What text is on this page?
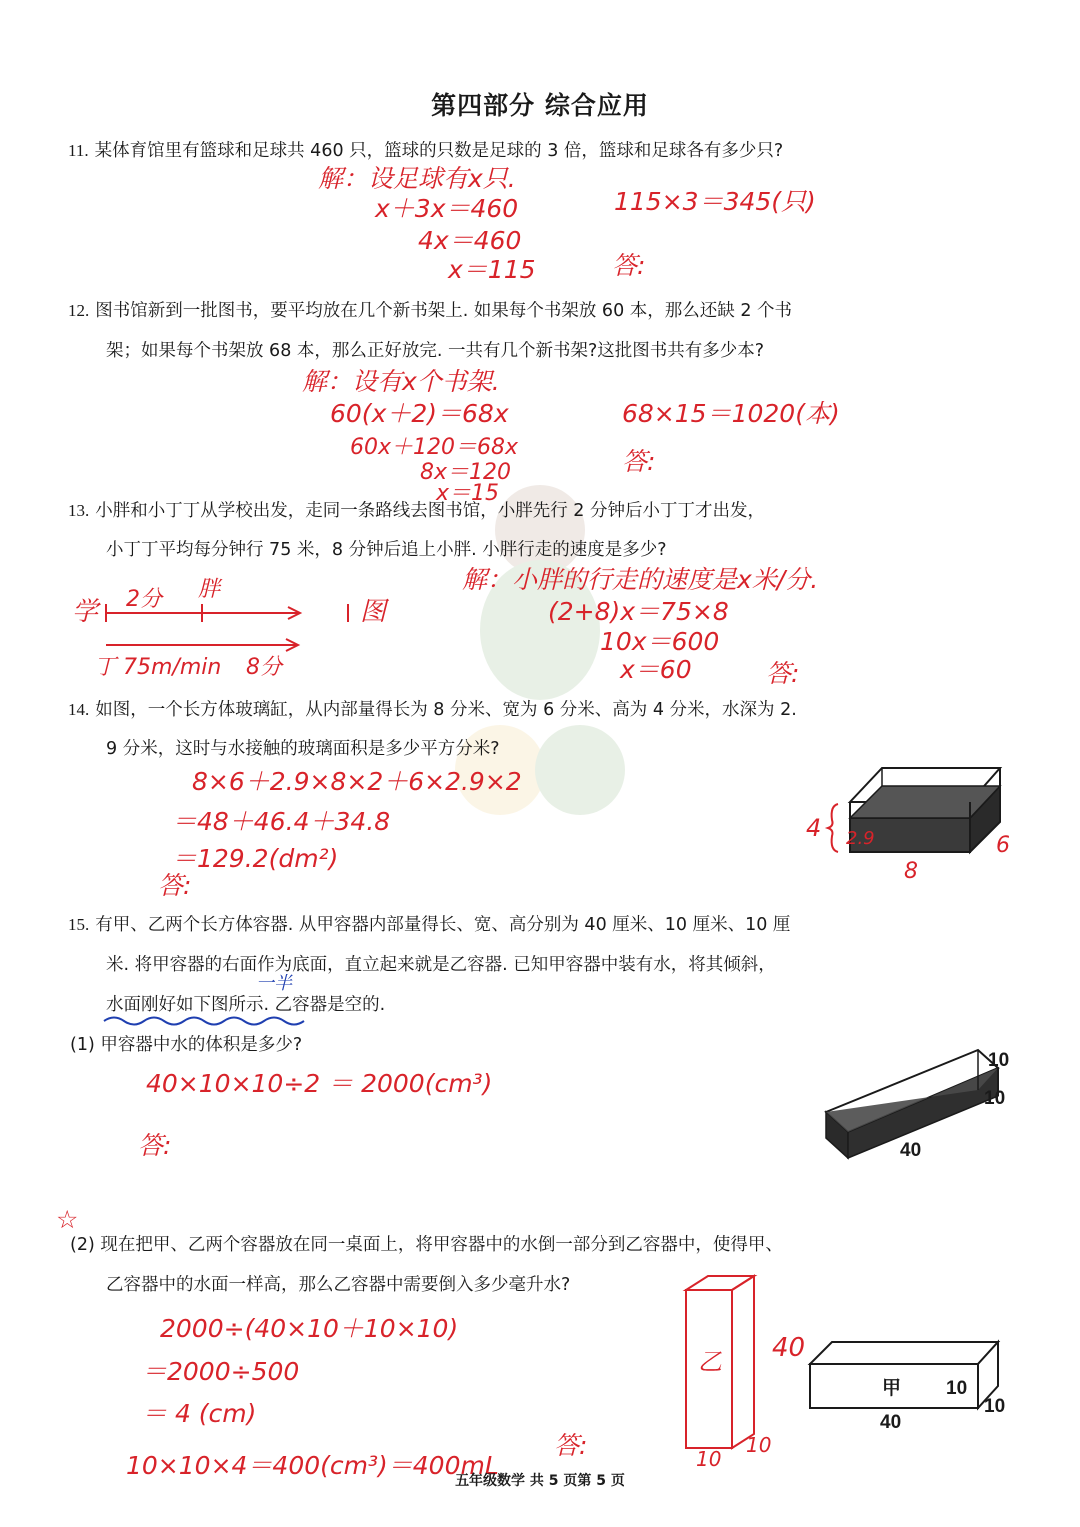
第四部分 综合应用
11. 某体育馆里有篮球和足球共 460 只，篮球的只数是足球的 3 倍，篮球和足球各有多少只?
解：设足球有x只.
x＋3x＝460
4x＝460
x＝115
115×3＝345(只)
答:
12. 图书馆新到一批图书，要平均放在几个新书架上. 如果每个书架放 60 本，那么还缺 2 个书
架；如果每个书架放 68 本，那么正好放完. 一共有几个新书架?这批图书共有多少本?
解：设有x个书架.
60(x＋2)＝68x
60x＋120＝68x
8x＝120
x＝15
68×15＝1020(本)
答:
13. 小胖和小丁丁从学校出发，走同一条路线去图书馆，小胖先行 2 分钟后小丁丁才出发，
小丁丁平均每分钟行 75 米，8 分钟后追上小胖. 小胖行走的速度是多少?
解：小胖的行走的速度是x米/分.
(2+8)x＝75×8
10x＝600
x＝60	答:
学 2分 胖
图
丁 75m/min 8分
14. 如图，一个长方体玻璃缸，从内部量得长为 8 分米、宽为 6 分米、高为 4 分米，水深为 2.
9 分米，这时与水接触的玻璃面积是多少平方分米?
8×6＋2.9×8×2＋6×2.9×2
＝48＋46.4＋34.8
＝129.2(dm²)
答:
4 2.9	6
8
15. 有甲、乙两个长方体容器. 从甲容器内部量得长、宽、高分别为 40 厘米、10 厘米、10 厘
米. 将甲容器的右面作为底面，直立起来就是乙容器. 已知甲容器中装有水，将其倾斜，
水面刚好如下图所示. 乙容器是空的.
一半
(1) 甲容器中水的体积是多少?
40×10×10÷2 ＝ 2000(cm³)
答:
10
10
40
☆
(2) 现在把甲、乙两个容器放在同一桌面上，将甲容器中的水倒一部分到乙容器中，使得甲、
乙容器中的水面一样高，那么乙容器中需要倒入多少毫升水?
2000÷(40×10＋10×10)
＝2000÷500
＝ 4 (cm)
10×10×4＝400(cm³)＝400mL
答:
乙 40
10
10
甲 10
10
40
五年级数学 共 5 页第 5 页
